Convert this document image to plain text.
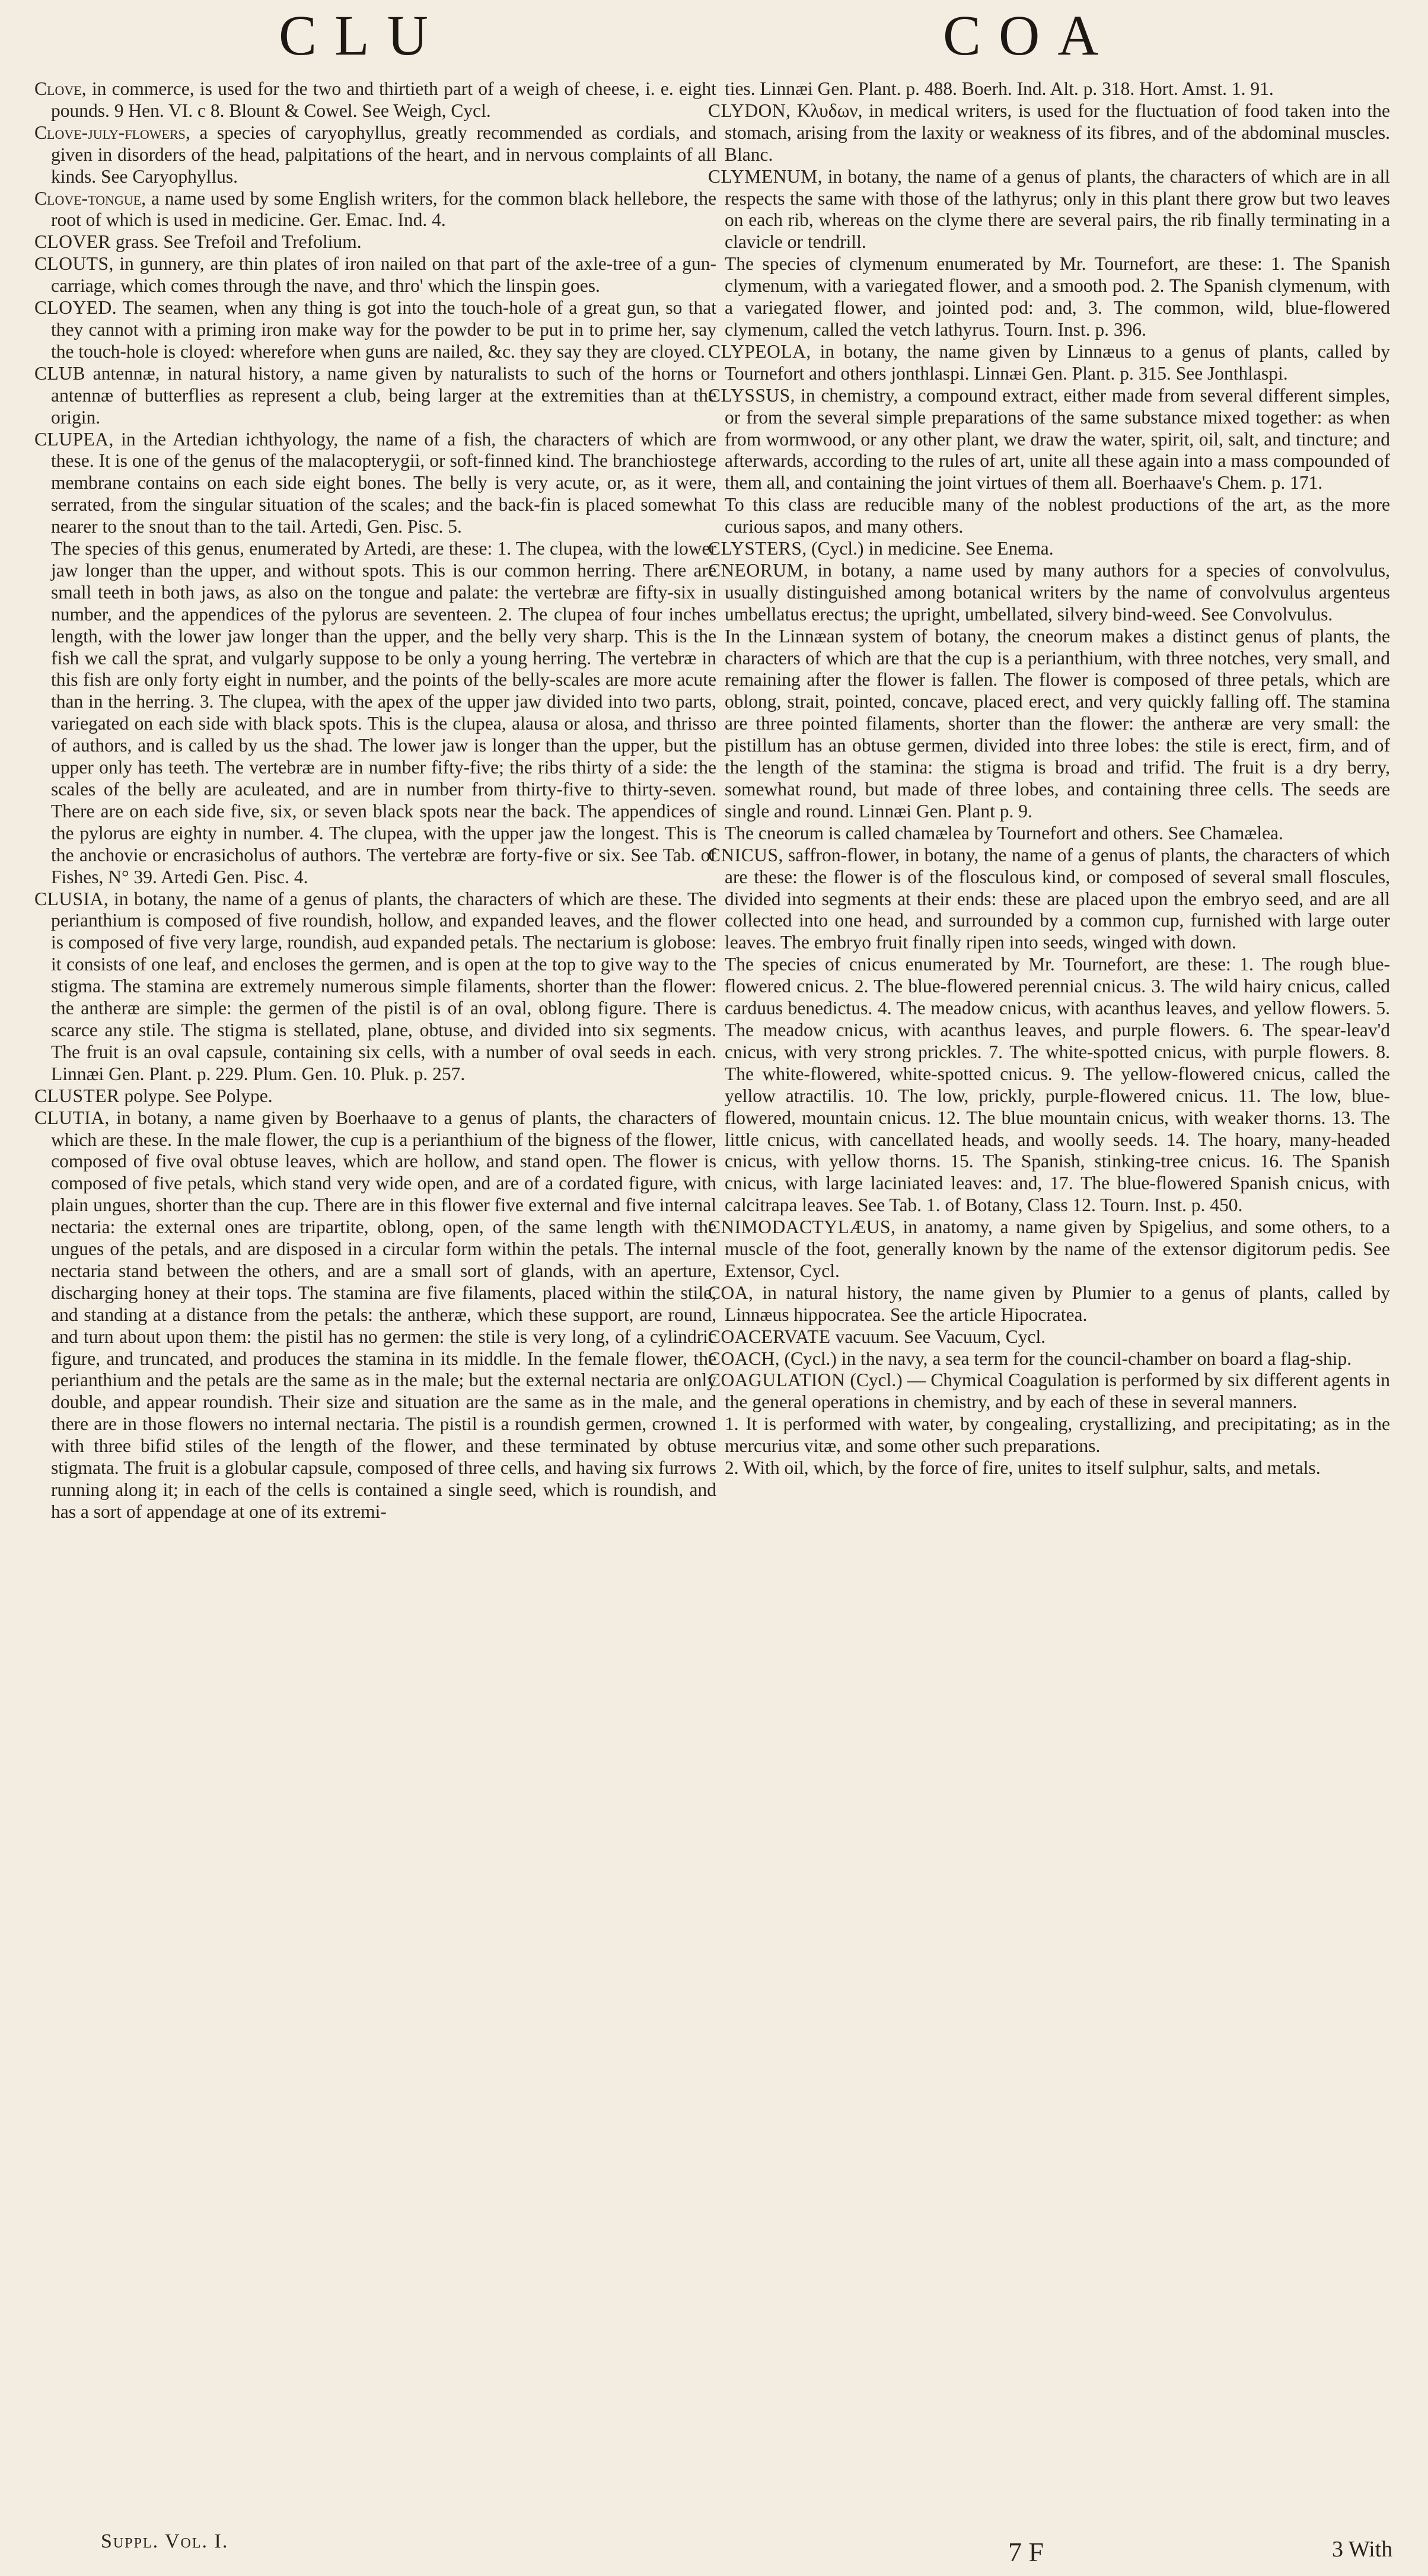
CLU	COA

Clove, in commerce, is used for the two and thirtieth part of a weigh of cheese, i. e. eight pounds. 9 Hen. VI. c 8. Blount & Cowel. See Weigh, Cycl.

Clove-july-flowers, a species of caryophyllus, greatly recommended as cordials, and given in disorders of the head, palpitations of the heart, and in nervous complaints of all kinds. See Caryophyllus.

Clove-tongue, a name used by some English writers, for the common black hellebore, the root of which is used in medicine. Ger. Emac. Ind. 4.

CLOVER grass. See Trefoil and Trefolium.

CLOUTS, in gunnery, are thin plates of iron nailed on that part of the axle-tree of a gun-carriage, which comes through the nave, and thro' which the linspin goes.

CLOYED. The seamen, when any thing is got into the touch-hole of a great gun, so that they cannot with a priming iron make way for the powder to be put in to prime her, say the touch-hole is cloyed: wherefore when guns are nailed, &c. they say they are cloyed.

CLUB antennæ, in natural history, a name given by naturalists to such of the horns or antennæ of butterflies as represent a club, being larger at the extremities than at the origin.

CLUPEA, in the Artedian ichthyology, the name of a fish, the characters of which are these. It is one of the genus of the malacopterygii, or soft-finned kind. The branchiostege membrane contains on each side eight bones. The belly is very acute, or, as it were, serrated, from the singular situation of the scales; and the back-fin is placed somewhat nearer to the snout than to the tail. Artedi, Gen. Pisc. 5.

The species of this genus, enumerated by Artedi, are these: 1. The clupea, with the lower jaw longer than the upper, and without spots. This is our common herring. There are small teeth in both jaws, as also on the tongue and palate: the vertebræ are fifty-six in number, and the appendices of the pylorus are seventeen. 2. The clupea of four inches length, with the lower jaw longer than the upper, and the belly very sharp. This is the fish we call the sprat, and vulgarly suppose to be only a young herring. The vertebræ in this fish are only forty eight in number, and the points of the belly-scales are more acute than in the herring. 3. The clupea, with the apex of the upper jaw divided into two parts, variegated on each side with black spots. This is the clupea, alausa or alosa, and thrisso of authors, and is called by us the shad. The lower jaw is longer than the upper, but the upper only has teeth. The vertebræ are in number fifty-five; the ribs thirty of a side: the scales of the belly are aculeated, and are in number from thirty-five to thirty-seven. There are on each side five, six, or seven black spots near the back. The appendices of the pylorus are eighty in number. 4. The clupea, with the upper jaw the longest. This is the anchovie or encrasicholus of authors. The vertebræ are forty-five or six. See Tab. of Fishes, N° 39. Artedi Gen. Pisc. 4.

CLUSIA, in botany, the name of a genus of plants, the characters of which are these. The perianthium is composed of five roundish, hollow, and expanded leaves, and the flower is composed of five very large, roundish, aud expanded petals. The nectarium is globose: it consists of one leaf, and encloses the germen, and is open at the top to give way to the stigma. The stamina are extremely numerous simple filaments, shorter than the flower: the antheræ are simple: the germen of the pistil is of an oval, oblong figure. There is scarce any stile. The stigma is stellated, plane, obtuse, and divided into six segments. The fruit is an oval capsule, containing six cells, with a number of oval seeds in each. Linnæi Gen. Plant. p. 229. Plum. Gen. 10. Pluk. p. 257.

CLUSTER polype. See Polype.

CLUTIA, in botany, a name given by Boerhaave to a genus of plants, the characters of which are these. In the male flower, the cup is a perianthium of the bigness of the flower, composed of five oval obtuse leaves, which are hollow, and stand open. The flower is composed of five petals, which stand very wide open, and are of a cordated figure, with plain ungues, shorter than the cup. There are in this flower five external and five internal nectaria: the external ones are tripartite, oblong, open, of the same length with the ungues of the petals, and are disposed in a circular form within the petals. The internal nectaria stand between the others, and are a small sort of glands, with an aperture, discharging honey at their tops. The stamina are five filaments, placed within the stile, and standing at a distance from the petals: the antheræ, which these support, are round, and turn about upon them: the pistil has no germen: the stile is very long, of a cylindric figure, and truncated, and produces the stamina in its middle. In the female flower, the perianthium and the petals are the same as in the male; but the external nectaria are only double, and appear roundish. Their size and situation are the same as in the male, and there are in those flowers no internal nectaria. The pistil is a roundish germen, crowned with three bifid stiles of the length of the flower, and these terminated by obtuse stigmata. The fruit is a globular capsule, composed of three cells, and having six furrows running along it; in each of the cells is contained a single seed, which is roundish, and has a sort of appendage at one of its extremi-

ties. Linnæi Gen. Plant. p. 488. Boerh. Ind. Alt. p. 318. Hort. Amst. 1. 91.

CLYDON, Κλυδων, in medical writers, is used for the fluctuation of food taken into the stomach, arising from the laxity or weakness of its fibres, and of the abdominal muscles. Blanc.

CLYMENUM, in botany, the name of a genus of plants, the characters of which are in all respects the same with those of the lathyrus; only in this plant there grow but two leaves on each rib, whereas on the clyme there are several pairs, the rib finally terminating in a clavicle or tendrill.

The species of clymenum enumerated by Mr. Tournefort, are these: 1. The Spanish clymenum, with a variegated flower, and a smooth pod. 2. The Spanish clymenum, with a variegated flower, and jointed pod: and, 3. The common, wild, blue-flowered clymenum, called the vetch lathyrus. Tourn. Inst. p. 396.

CLYPEOLA, in botany, the name given by Linnæus to a genus of plants, called by Tournefort and others jonthlaspi. Linnæi Gen. Plant. p. 315. See Jonthlaspi.

CLYSSUS, in chemistry, a compound extract, either made from several different simples, or from the several simple preparations of the same substance mixed together: as when from wormwood, or any other plant, we draw the water, spirit, oil, salt, and tincture; and afterwards, according to the rules of art, unite all these again into a mass compounded of them all, and containing the joint virtues of them all. Boerhaave's Chem. p. 171.

To this class are reducible many of the noblest productions of the art, as the more curious sapos, and many others.

CLYSTERS, (Cycl.) in medicine. See Enema.

CNEORUM, in botany, a name used by many authors for a species of convolvulus, usually distinguished among botanical writers by the name of convolvulus argenteus umbellatus erectus; the upright, umbellated, silvery bind-weed. See Convolvulus.

In the Linnæan system of botany, the cneorum makes a distinct genus of plants, the characters of which are that the cup is a perianthium, with three notches, very small, and remaining after the flower is fallen. The flower is composed of three petals, which are oblong, strait, pointed, concave, placed erect, and very quickly falling off. The stamina are three pointed filaments, shorter than the flower: the antheræ are very small: the pistillum has an obtuse germen, divided into three lobes: the stile is erect, firm, and of the length of the stamina: the stigma is broad and trifid. The fruit is a dry berry, somewhat round, but made of three lobes, and containing three cells. The seeds are single and round. Linnæi Gen. Plant p. 9.

The cneorum is called chamælea by Tournefort and others. See Chamælea.

CNICUS, saffron-flower, in botany, the name of a genus of plants, the characters of which are these: the flower is of the flosculous kind, or composed of several small floscules, divided into segments at their ends: these are placed upon the embryo seed, and are all collected into one head, and surrounded by a common cup, furnished with large outer leaves. The embryo fruit finally ripen into seeds, winged with down.

The species of cnicus enumerated by Mr. Tournefort, are these: 1. The rough blue-flowered cnicus. 2. The blue-flowered perennial cnicus. 3. The wild hairy cnicus, called carduus benedictus. 4. The meadow cnicus, with acanthus leaves, and yellow flowers. 5. The meadow cnicus, with acanthus leaves, and purple flowers. 6. The spear-leav'd cnicus, with very strong prickles. 7. The white-spotted cnicus, with purple flowers. 8. The white-flowered, white-spotted cnicus. 9. The yellow-flowered cnicus, called the yellow atractilis. 10. The low, prickly, purple-flowered cnicus. 11. The low, blue-flowered, mountain cnicus. 12. The blue mountain cnicus, with weaker thorns. 13. The little cnicus, with cancellated heads, and woolly seeds. 14. The hoary, many-headed cnicus, with yellow thorns. 15. The Spanish, stinking-tree cnicus. 16. The Spanish cnicus, with large laciniated leaves: and, 17. The blue-flowered Spanish cnicus, with calcitrapa leaves. See Tab. 1. of Botany, Class 12. Tourn. Inst. p. 450.

CNIMODACTYLÆUS, in anatomy, a name given by Spigelius, and some others, to a muscle of the foot, generally known by the name of the extensor digitorum pedis. See Extensor, Cycl.

COA, in natural history, the name given by Plumier to a genus of plants, called by Linnæus hippocratea. See the article Hipocratea.

COACERVATE vacuum. See Vacuum, Cycl.

COACH, (Cycl.) in the navy, a sea term for the council-chamber on board a flag-ship.

COAGULATION (Cycl.) — Chymical Coagulation is performed by six different agents in the general operations in chemistry, and by each of these in several manners.

1. It is performed with water, by congealing, crystallizing, and precipitating; as in the mercurius vitæ, and some other such preparations.

2. With oil, which, by the force of fire, unites to itself sulphur, salts, and metals.

Suppl. Vol. I.	7 F	3 With
